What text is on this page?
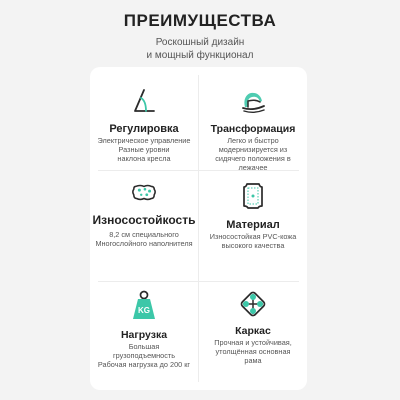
ПРЕИМУЩЕСТВА
Роскошный дизайн
и мощный функционал
Регулировка
Электрическое управление
Разные уровни
наклона кресла
Трансформация
Легко и быстро
модернизируется из
сидячего положения в
лежачее
Износостойкость
8,2 см специального
Многослойного наполнителя
Материал
Износостойкая PVC-кожа
высокого качества
KG
Нагрузка
Большая
грузоподъемность
Рабочая нагрузка до 200 кг
Каркас
Прочная и устойчивая,
утолщённая основная
рама
